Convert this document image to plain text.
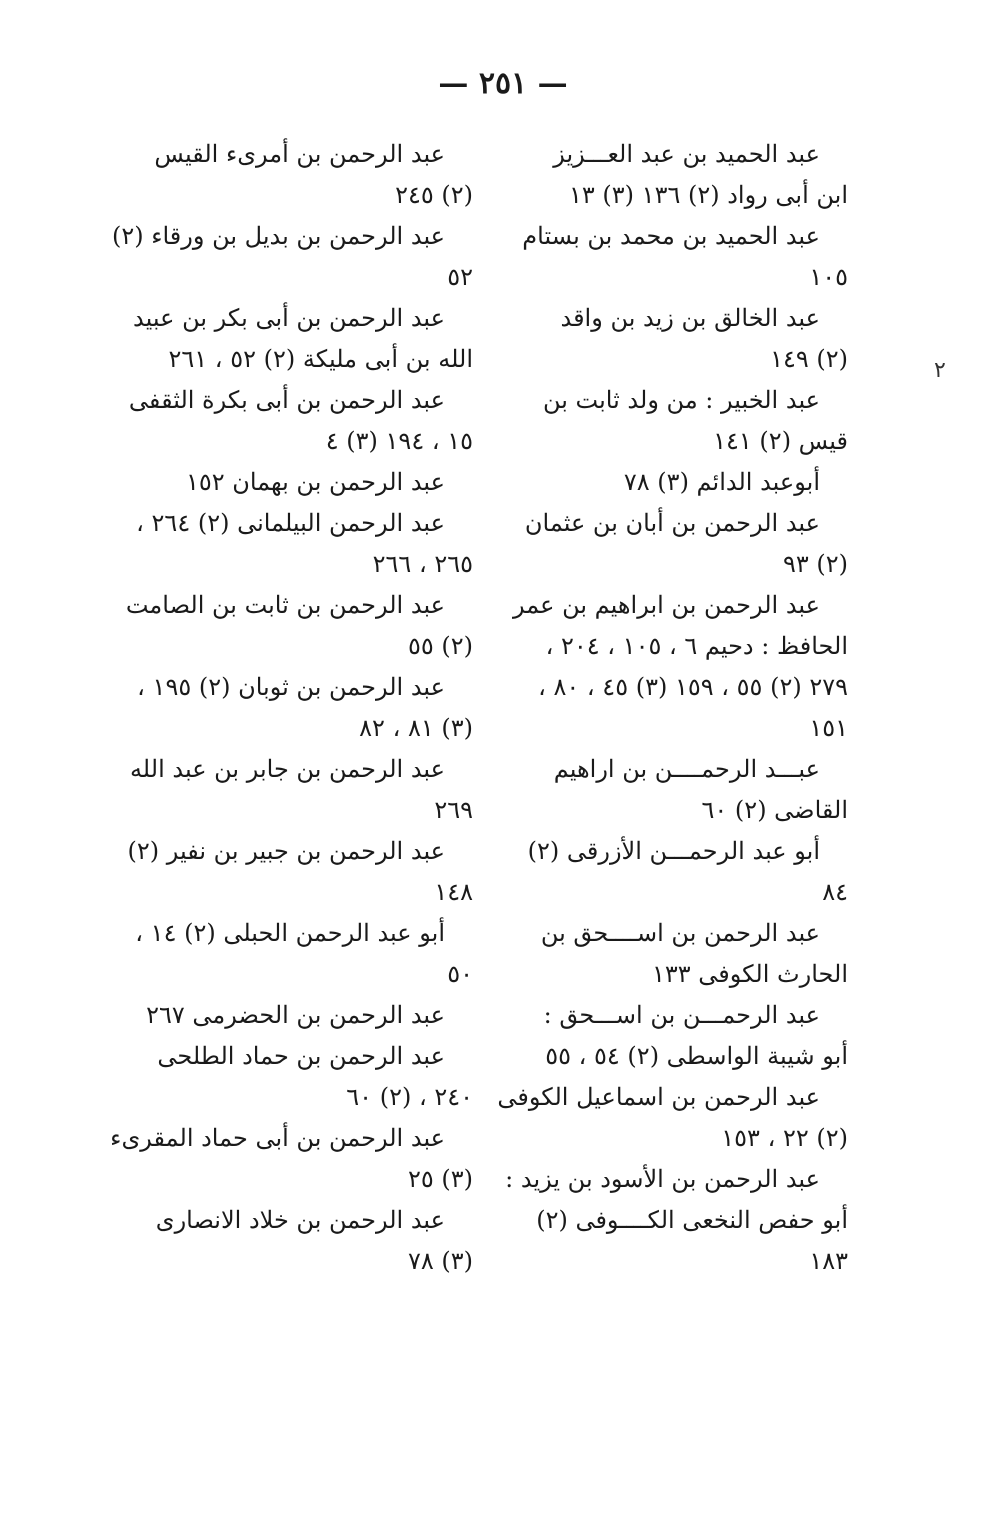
— ٢٥١ —
٢
عبد الحميد بن عبد العـــزيز
ابن أبى رواد (٢) ١٣٦ (٣) ١٣
عبد الحميد بن محمد بن بستام
١٠٥
عبد الخالق بن زيد بن واقد
(٢) ١٤٩
عبد الخبير : من ولد ثابت بن
قيس (٢) ١٤١
أبوعبد الدائم (٣) ٧٨
عبد الرحمن بن أبان بن عثمان
(٢) ٩٣
عبد الرحمن بن ابراهيم بن عمر
الحافظ : دحيم ٦ ، ١٠٥ ، ٢٠٤ ،
٢٧٩ (٢) ٥٥ ، ١٥٩ (٣) ٤٥ ، ٨٠ ،
١٥١
عبـــد الرحمــــن بن اراهيم
القاضى (٢) ٦٠
أبو عبد الرحمـــن الأزرقى (٢)
٨٤
عبد الرحمن بن اســــحق بن
الحارث الكوفى ١٣٣
عبد الرحمـــن بن اســـحق :
أبو شيبة الواسطى (٢) ٥٤ ، ٥٥
عبد الرحمن بن اسماعيل الكوفى
(٢) ٢٢ ، ١٥٣
عبد الرحمن بن الأسود بن يزيد :
أبو حفص النخعى الكــــوفى (٢)
١٨٣
عبد الرحمن بن أمرىء القيس
(٢) ٢٤٥
عبد الرحمن بن بديل بن ورقاء (٢)
٥٢
عبد الرحمن بن أبى بكر بن عبيد
الله بن أبى مليكة (٢) ٥٢ ، ٢٦١
عبد الرحمن بن أبى بكرة الثقفى
١٥ ، ١٩٤ (٣) ٤
عبد الرحمن بن بهمان ١٥٢
عبد الرحمن البيلمانى (٢) ٢٦٤ ،
٢٦٥ ، ٢٦٦
عبد الرحمن بن ثابت بن الصامت
(٢) ٥٥
عبد الرحمن بن ثوبان (٢) ١٩٥ ،
(٣) ٨١ ، ٨٢
عبد الرحمن بن جابر بن عبد الله
٢٦٩
عبد الرحمن بن جبير بن نفير (٢)
١٤٨
أبو عبد الرحمن الحبلى (٢) ١٤ ،
٥٠
عبد الرحمن بن الحضرمى ٢٦٧
عبد الرحمن بن حماد الطلحى
٢٤٠ ، (٢) ٦٠
عبد الرحمن بن أبى حماد المقرىء
(٣) ٢٥
عبد الرحمن بن خلاد الانصارى
(٣) ٧٨
